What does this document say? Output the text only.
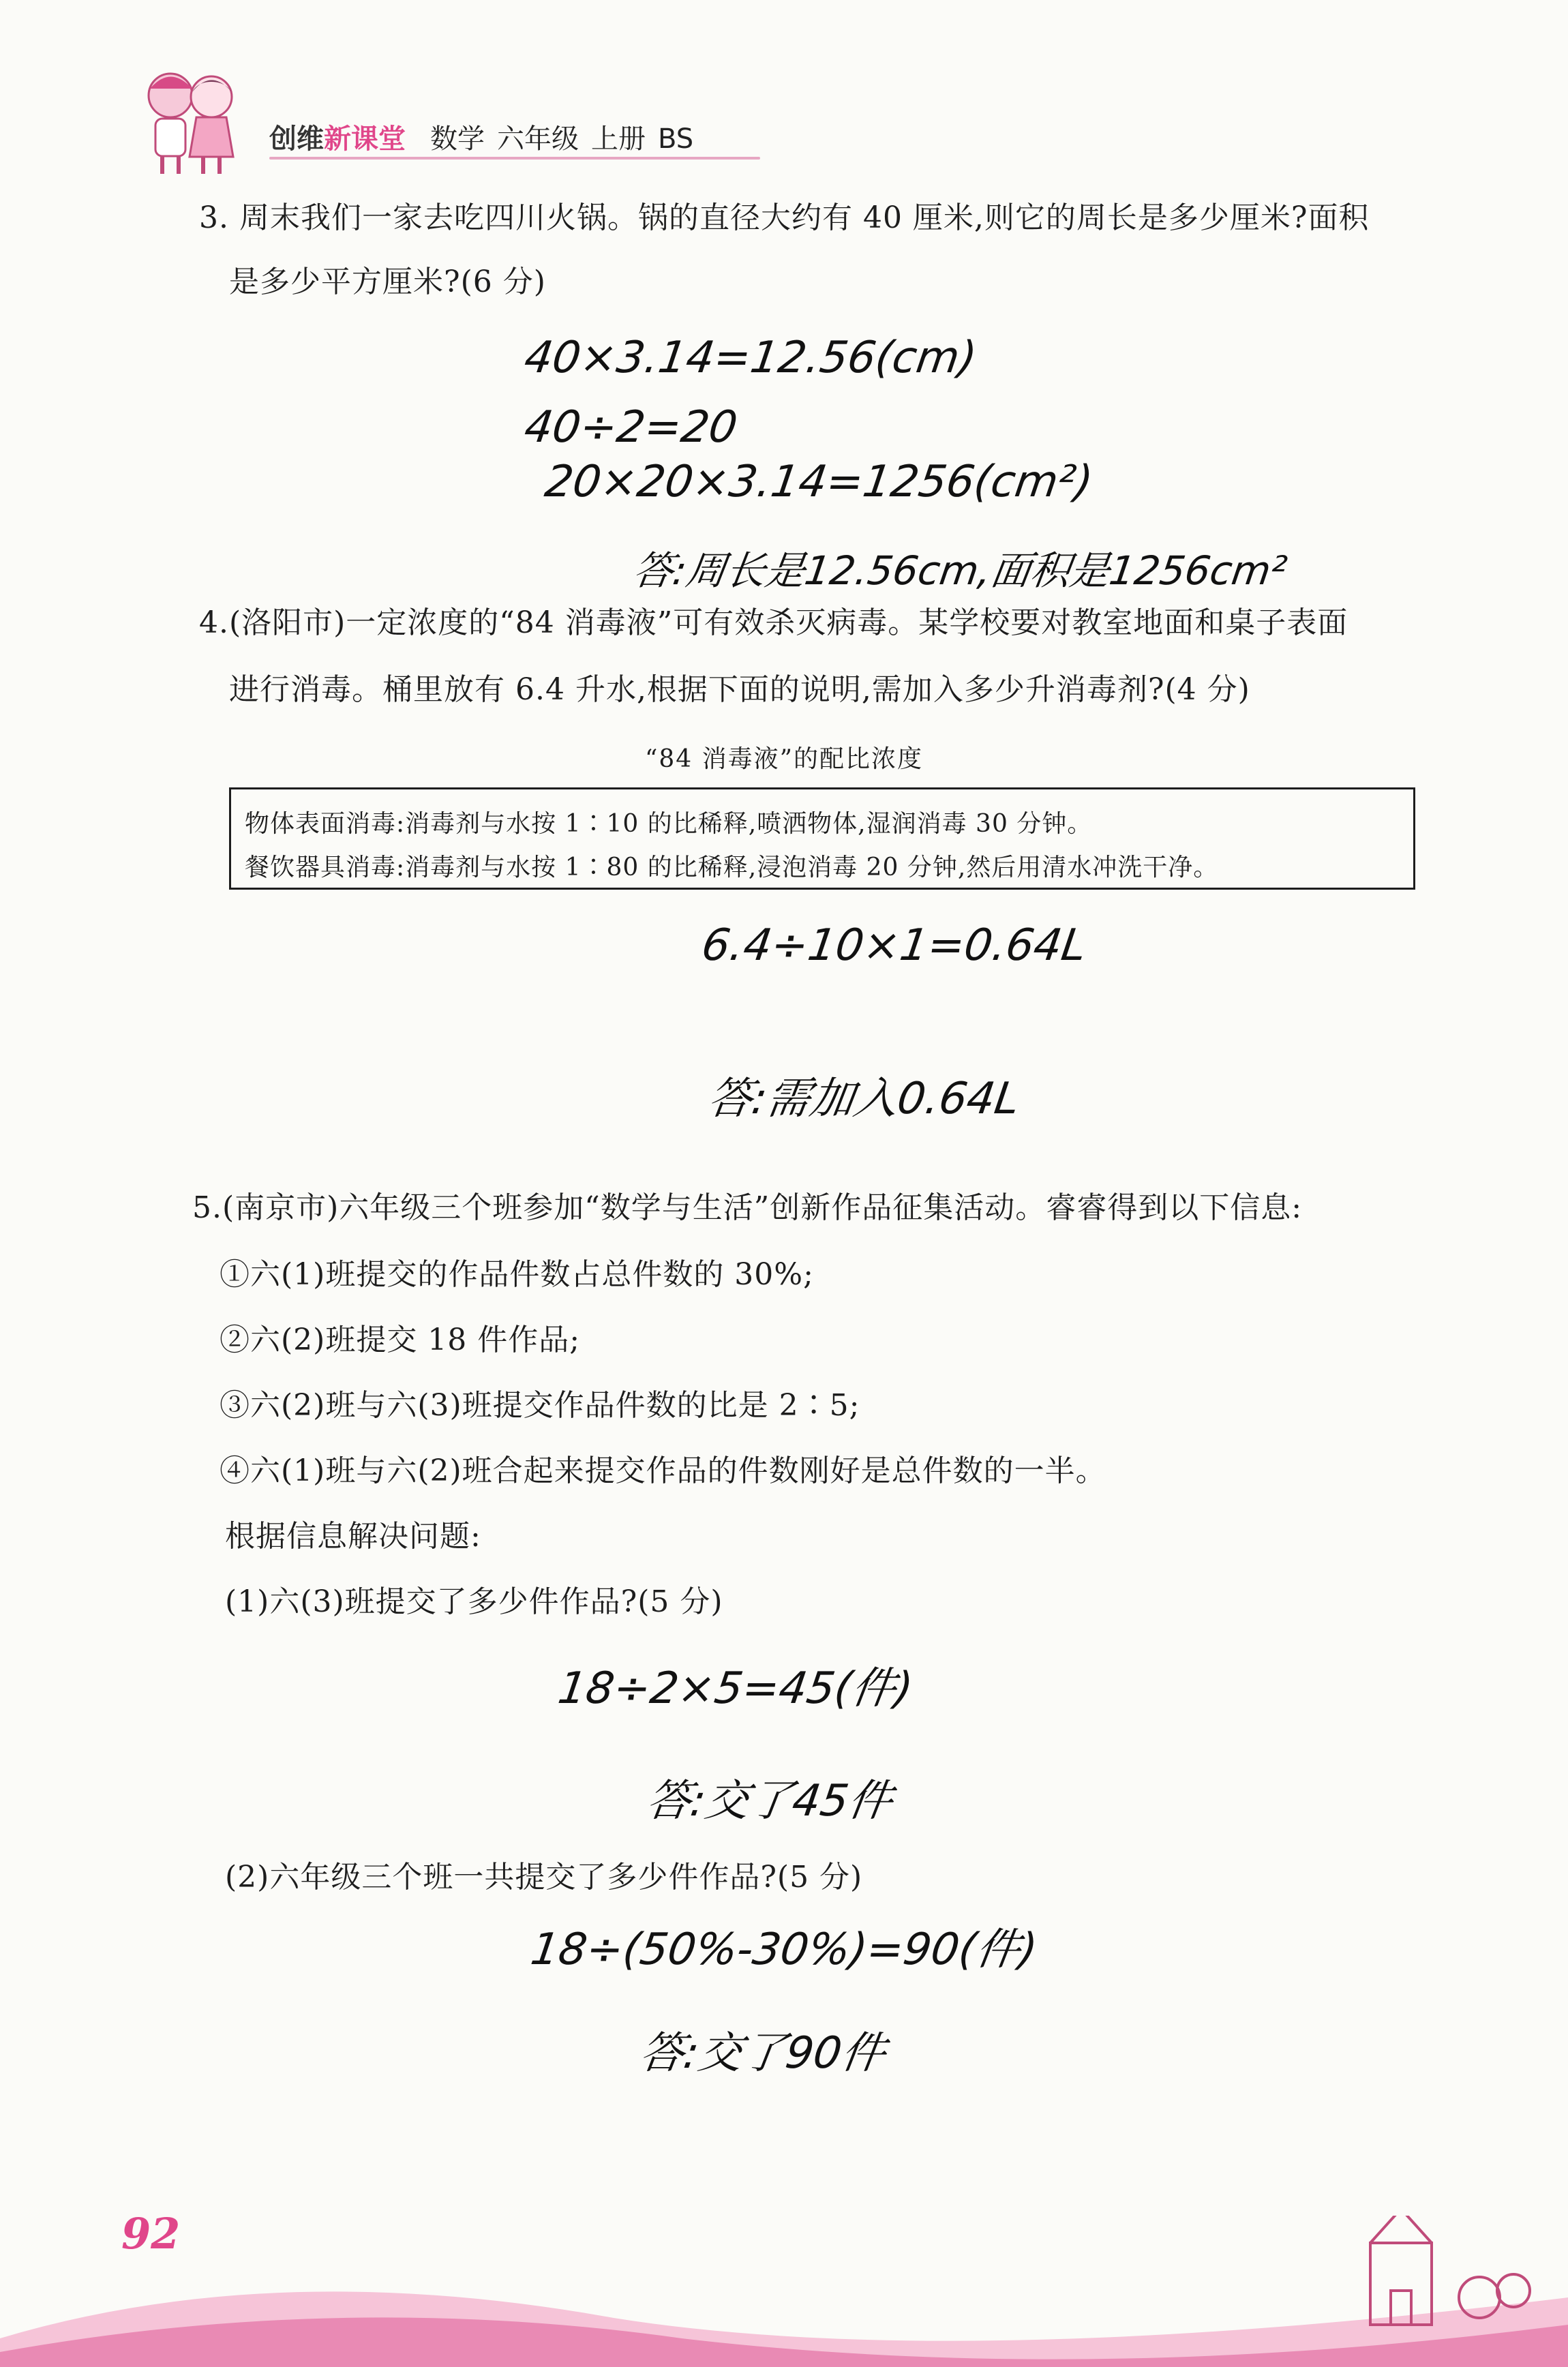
创维新课堂 数学 六年级 上册 BS
3. 周末我们一家去吃四川火锅。锅的直径大约有 40 厘米,则它的周长是多少厘米?面积
是多少平方厘米?(6 分)
40×3.14=12.56(cm)
40÷2=20
20×20×3.14=1256(cm²)
答:周长是12.56cm,面积是1256cm²
4.(洛阳市)一定浓度的“84 消毒液”可有效杀灭病毒。某学校要对教室地面和桌子表面
进行消毒。桶里放有 6.4 升水,根据下面的说明,需加入多少升消毒剂?(4 分)
“84 消毒液”的配比浓度
物体表面消毒:消毒剂与水按 1∶10 的比稀释,喷洒物体,湿润消毒 30 分钟。
餐饮器具消毒:消毒剂与水按 1∶80 的比稀释,浸泡消毒 20 分钟,然后用清水冲洗干净。
6.4÷10×1=0.64L
答:需加入0.64L
5.(南京市)六年级三个班参加“数学与生活”创新作品征集活动。睿睿得到以下信息:
①六(1)班提交的作品件数占总件数的 30%;
②六(2)班提交 18 件作品;
③六(2)班与六(3)班提交作品件数的比是 2∶5;
④六(1)班与六(2)班合起来提交作品的件数刚好是总件数的一半。
根据信息解决问题:
(1)六(3)班提交了多少件作品?(5 分)
18÷2×5=45(件)
答:交了45件
(2)六年级三个班一共提交了多少件作品?(5 分)
18÷(50%-30%)=90(件)
答:交了90件
92
